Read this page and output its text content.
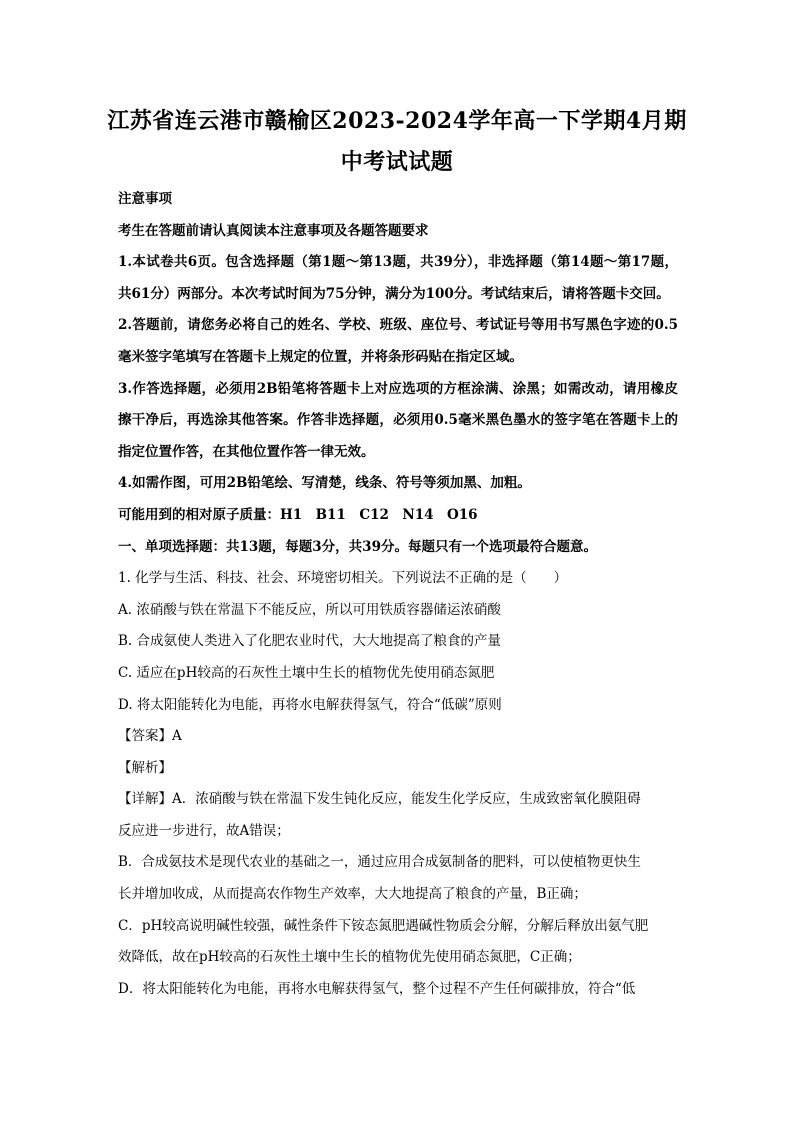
江苏省连云港市赣榆区2023-2024学年高一下学期4月期
中考试试题
注意事项
考生在答题前请认真阅读本注意事项及各题答题要求
1.本试卷共6页。包含选择题（第1题～第13题，共39分），非选择题（第14题～第17题，共61分）两部分。本次考试时间为75分钟，满分为100分。考试结束后，请将答题卡交回。
2.答题前，请您务必将自己的姓名、学校、班级、座位号、考试证号等用书写黑色字迹的0.5毫米签字笔填写在答题卡上规定的位置，并将条形码贴在指定区域。
3.作答选择题，必须用2B铅笔将答题卡上对应选项的方框涂满、涂黑；如需改动，请用橡皮擦干净后，再选涂其他答案。作答非选择题，必须用0.5毫米黑色墨水的签字笔在答题卡上的指定位置作答，在其他位置作答一律无效。
4.如需作图，可用2B铅笔绘、写清楚，线条、符号等须加黑、加粗。
可能用到的相对原子质量：H1　B11　C12　N14　O16
一、单项选择题：共13题，每题3分，共39分。每题只有一个选项最符合题意。
1. 化学与生活、科技、社会、环境密切相关。下列说法不正确的是（　　）
A. 浓硝酸与铁在常温下不能反应，所以可用铁质容器储运浓硝酸
B. 合成氨使人类进入了化肥农业时代，大大地提高了粮食的产量
C. 适应在pH较高的石灰性土壤中生长的植物优先使用硝态氮肥
D. 将太阳能转化为电能，再将水电解获得氢气，符合“低碳”原则
【答案】A
【解析】
【详解】A．浓硝酸与铁在常温下发生钝化反应，能发生化学反应，生成致密氧化膜阻碍
反应进一步进行，故A错误；
B．合成氨技术是现代农业的基础之一，通过应用合成氨制备的肥料，可以使植物更快生
长并增加收成，从而提高农作物生产效率，大大地提高了粮食的产量，B正确；
C．pH较高说明碱性较强，碱性条件下铵态氮肥遇碱性物质会分解，分解后释放出氨气肥
效降低，故在pH较高的石灰性土壤中生长的植物优先使用硝态氮肥，C正确；
D．将太阳能转化为电能，再将水电解获得氢气，整个过程不产生任何碳排放，符合“低
